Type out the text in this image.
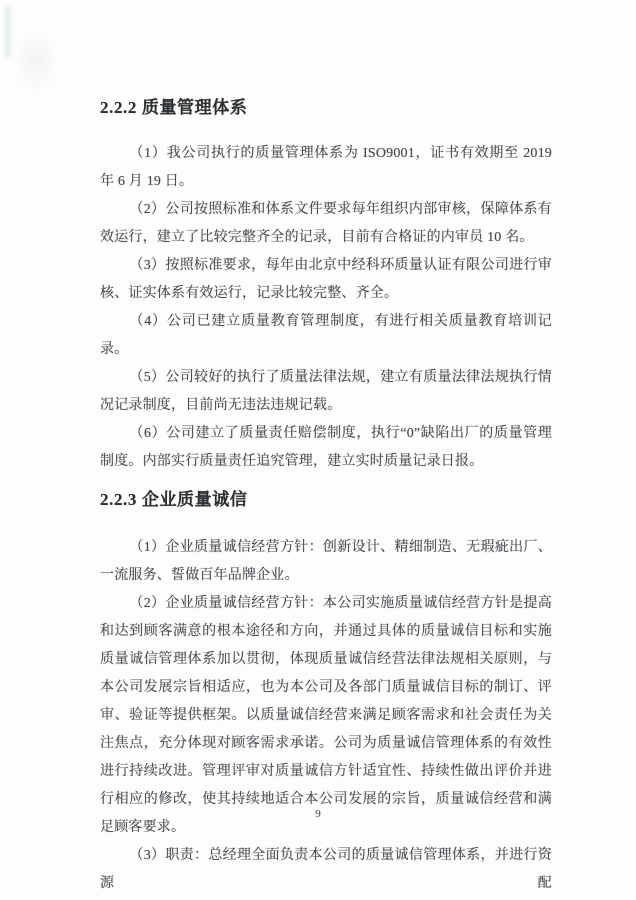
2.2.2 质量管理体系

（1）我公司执行的质量管理体系为 ISO9001，证书有效期至 2019 年 6 月 19 日。

（2）公司按照标准和体系文件要求每年组织内部审核，保障体系有效运行，建立了比较完整齐全的记录，目前有合格证的内审员 10 名。

（3）按照标准要求，每年由北京中经科环质量认证有限公司进行审核、证实体系有效运行，记录比较完整、齐全。

（4）公司已建立质量教育管理制度，有进行相关质量教育培训记录。

（5）公司较好的执行了质量法律法规，建立有质量法律法规执行情况记录制度，目前尚无违法违规记载。

（6）公司建立了质量责任赔偿制度，执行“0”缺陷出厂的质量管理制度。内部实行质量责任追究管理，建立实时质量记录日报。

2.2.3 企业质量诚信

（1）企业质量诚信经营方针：创新设计、精细制造、无瑕疵出厂、一流服务、誓做百年品牌企业。

（2）企业质量诚信经营方针：本公司实施质量诚信经营方针是提高和达到顾客满意的根本途径和方向，并通过具体的质量诚信目标和实施质量诚信管理体系加以贯彻，体现质量诚信经营法律法规相关原则，与本公司发展宗旨相适应，也为本公司及各部门质量诚信目标的制订、评审、验证等提供框架。以质量诚信经营来满足顾客需求和社会责任为关注焦点，充分体现对顾客需求承诺。公司为质量诚信管理体系的有效性进行持续改进。管理评审对质量诚信方针适宜性、持续性做出评价并进行相应的修改，使其持续地适合本公司发展的宗旨，质量诚信经营和满足顾客要求。

（3）职责：总经理全面负责本公司的质量诚信管理体系，并进行资源配

9
